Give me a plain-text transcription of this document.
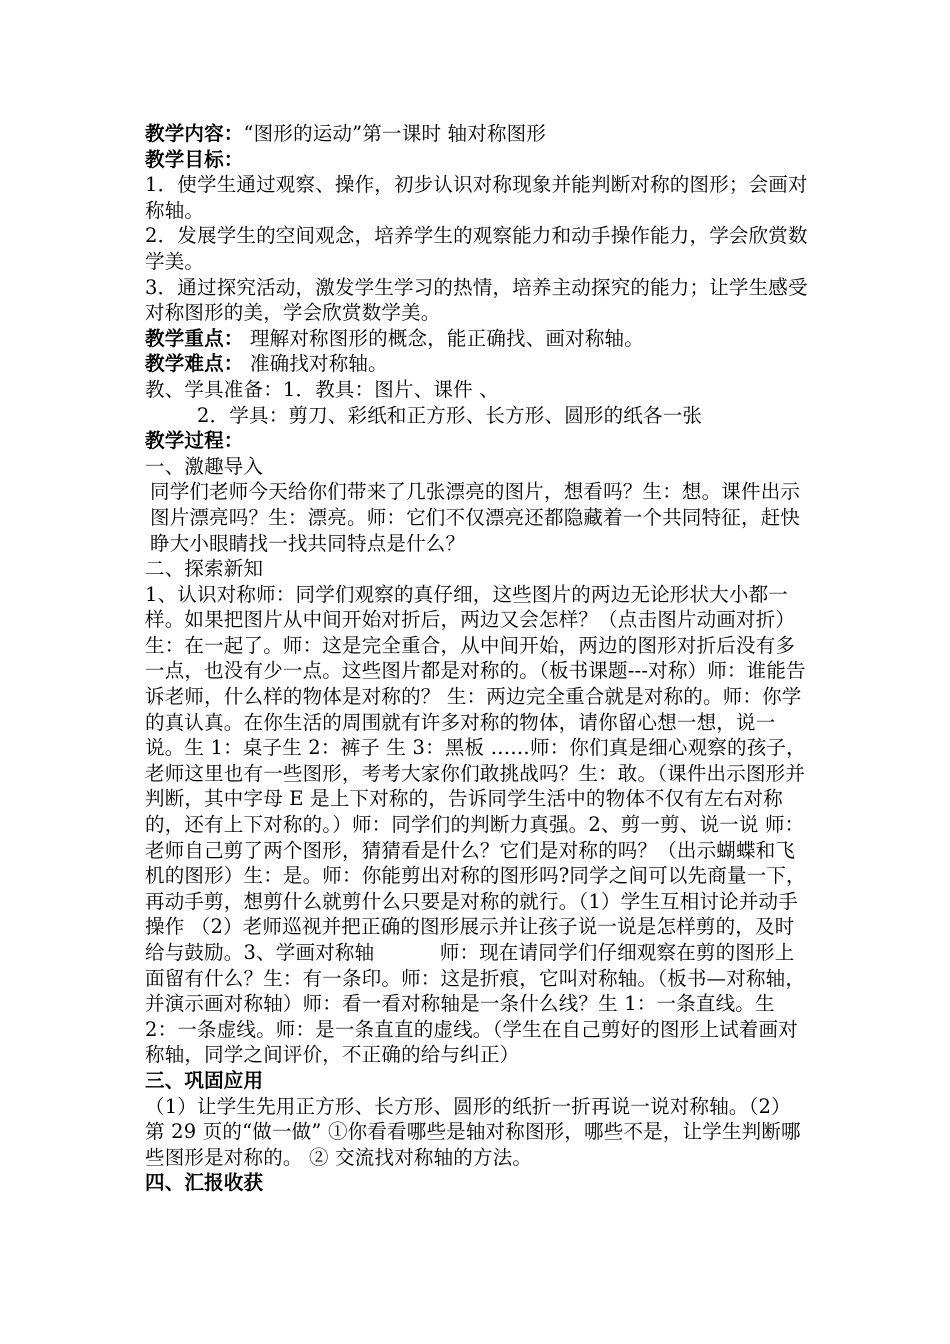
教学内容：“图形的运动”第一课时 轴对称图形

教学目标：

1．使学生通过观察、操作，初步认识对称现象并能判断对称的图形；会画对称轴。

2．发展学生的空间观念，培养学生的观察能力和动手操作能力，学会欣赏数学美。

3．通过探究活动，激发学生学习的热情，培养主动探究的能力；让学生感受对称图形的美，学会欣赏数学美。

教学重点： 理解对称图形的概念，能正确找、画对称轴。

教学难点： 准确找对称轴。

教、学具准备：1．教具：图片、课件 、

2．学具：剪刀、彩纸和正方形、长方形、圆形的纸各一张

教学过程：

一、激趣导入

同学们老师今天给你们带来了几张漂亮的图片，想看吗？生：想。课件出示图片漂亮吗？生：漂亮。师：它们不仅漂亮还都隐藏着一个共同特征，赶快睁大小眼睛找一找共同特点是什么？

二、探索新知

1、认识对称师：同学们观察的真仔细，这些图片的两边无论形状大小都一样。如果把图片从中间开始对折后，两边又会怎样？（点击图片动画对折）生：在一起了。师：这是完全重合，从中间开始，两边的图形对折后没有多一点，也没有少一点。这些图片都是对称的。（板书课题---对称）师：谁能告诉老师，什么样的物体是对称的？ 生：两边完全重合就是对称的。师：你学的真认真。在你生活的周围就有许多对称的物体，请你留心想一想，说一说。生 1：桌子生 2：裤子 生 3：黑板 ……师：你们真是细心观察的孩子，老师这里也有一些图形，考考大家你们敢挑战吗？生：敢。（课件出示图形并判断，其中字母 E 是上下对称的，告诉同学生活中的物体不仅有左右对称的，还有上下对称的。）师：同学们的判断力真强。2、剪一剪、说一说 师：老师自己剪了两个图形，猜猜看是什么？它们是对称的吗？（出示蝴蝶和飞机的图形）生：是。师：你能剪出对称的图形吗?同学之间可以先商量一下，再动手剪，想剪什么就剪什么只要是对称的就行。（1）学生互相讨论并动手操作 （2）老师巡视并把正确的图形展示并让孩子说一说是怎样剪的，及时给与鼓励。3、学画对称轴 　　　师：现在请同学们仔细观察在剪的图形上面留有什么？生：有一条印。师：这是折痕，它叫对称轴。（板书—对称轴，并演示画对称轴）师：看一看对称轴是一条什么线？生 1：一条直线。生 2：一条虚线。师：是一条直直的虚线。（学生在自己剪好的图形上试着画对称轴，同学之间评价，不正确的给与纠正）

三、巩固应用

（1）让学生先用正方形、长方形、圆形的纸折一折再说一说对称轴。（2）第 29 页的“做一做” ①你看看哪些是轴对称图形，哪些不是，让学生判断哪些图形是对称的。 ② 交流找对称轴的方法。

四、汇报收获
